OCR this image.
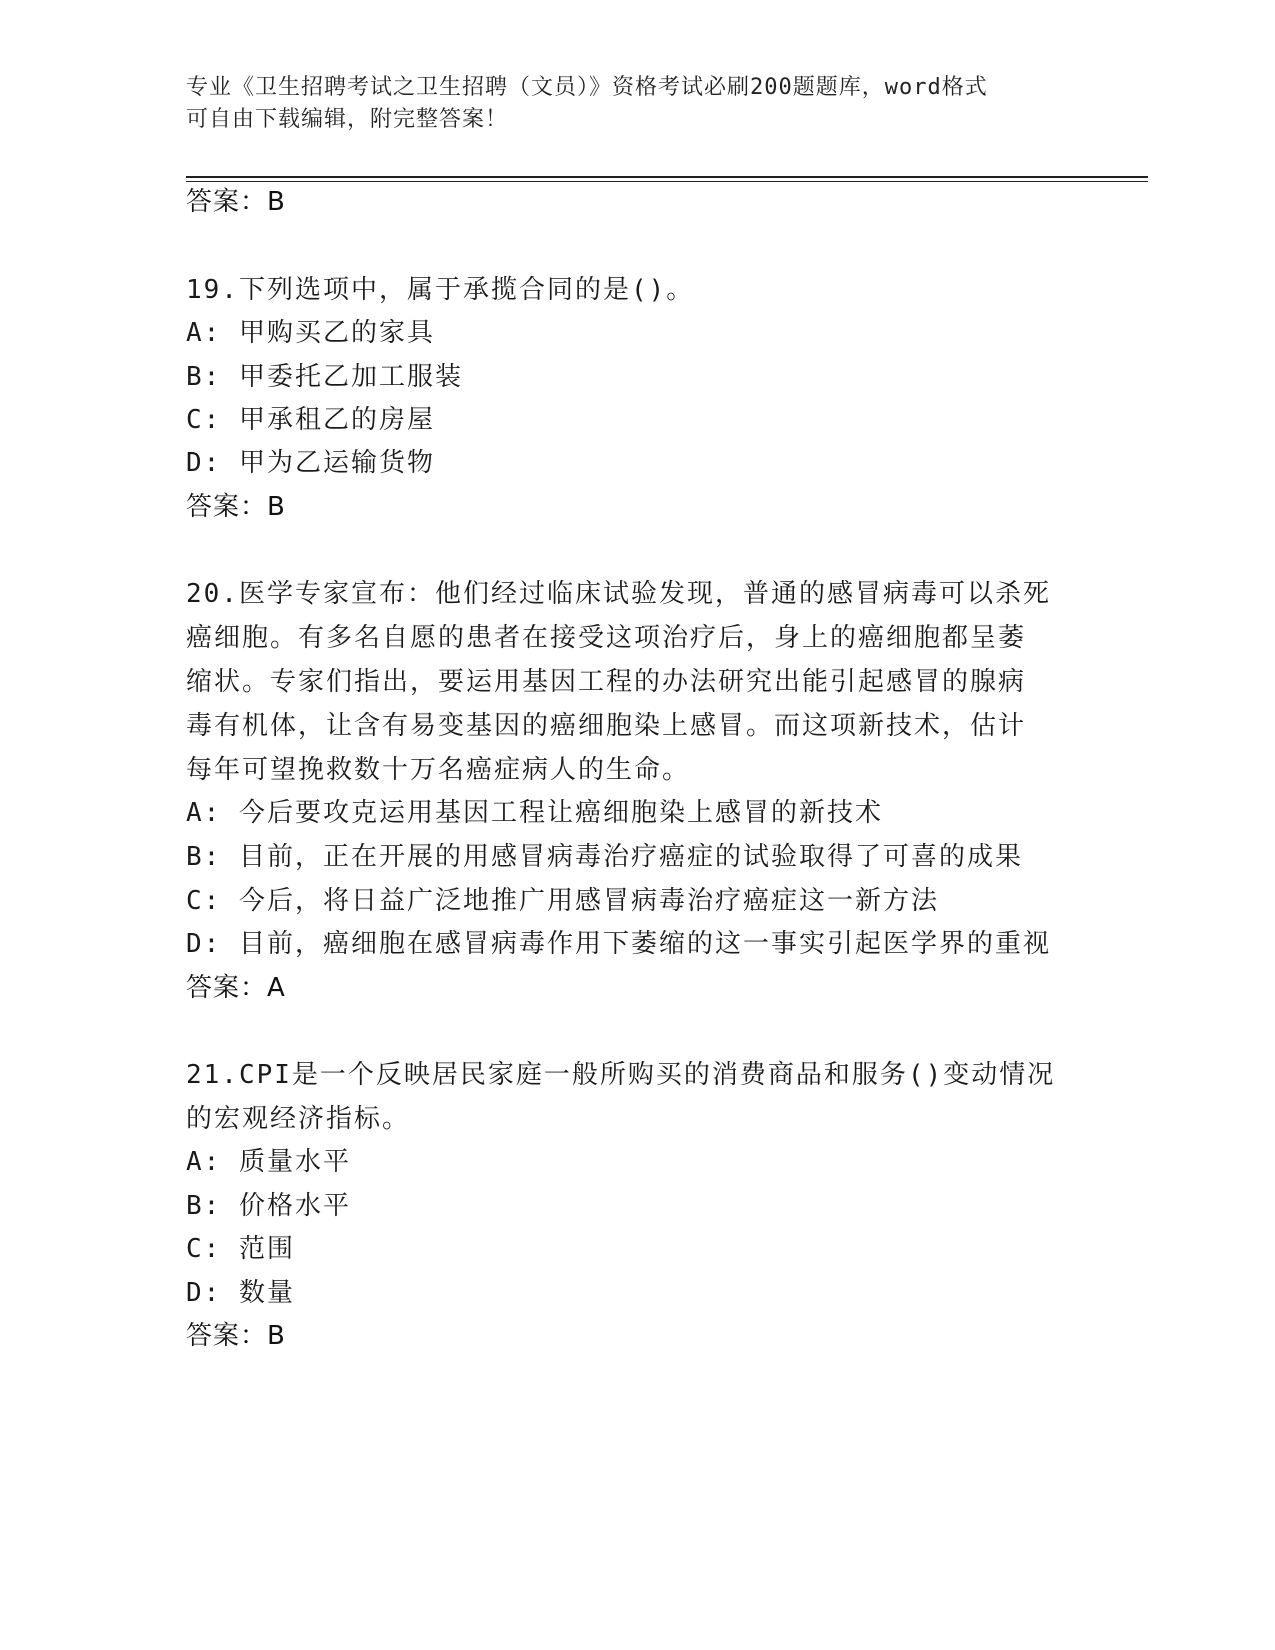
专业《卫生招聘考试之卫生招聘（文员）》资格考试必刷200题题库，word格式
可自由下载编辑，附完整答案！
答案：B
19.下列选项中，属于承揽合同的是()。
A: 甲购买乙的家具
B: 甲委托乙加工服装
C: 甲承租乙的房屋
D: 甲为乙运输货物
答案：B
20.医学专家宣布：他们经过临床试验发现，普通的感冒病毒可以杀死
癌细胞。有多名自愿的患者在接受这项治疗后，身上的癌细胞都呈萎
缩状。专家们指出，要运用基因工程的办法研究出能引起感冒的腺病
毒有机体，让含有易变基因的癌细胞染上感冒。而这项新技术，估计
每年可望挽救数十万名癌症病人的生命。
A: 今后要攻克运用基因工程让癌细胞染上感冒的新技术
B: 目前，正在开展的用感冒病毒治疗癌症的试验取得了可喜的成果
C: 今后，将日益广泛地推广用感冒病毒治疗癌症这一新方法
D: 目前，癌细胞在感冒病毒作用下萎缩的这一事实引起医学界的重视
答案：A
21.CPI是一个反映居民家庭一般所购买的消费商品和服务()变动情况
的宏观经济指标。
A: 质量水平
B: 价格水平
C: 范围
D: 数量
答案：B
